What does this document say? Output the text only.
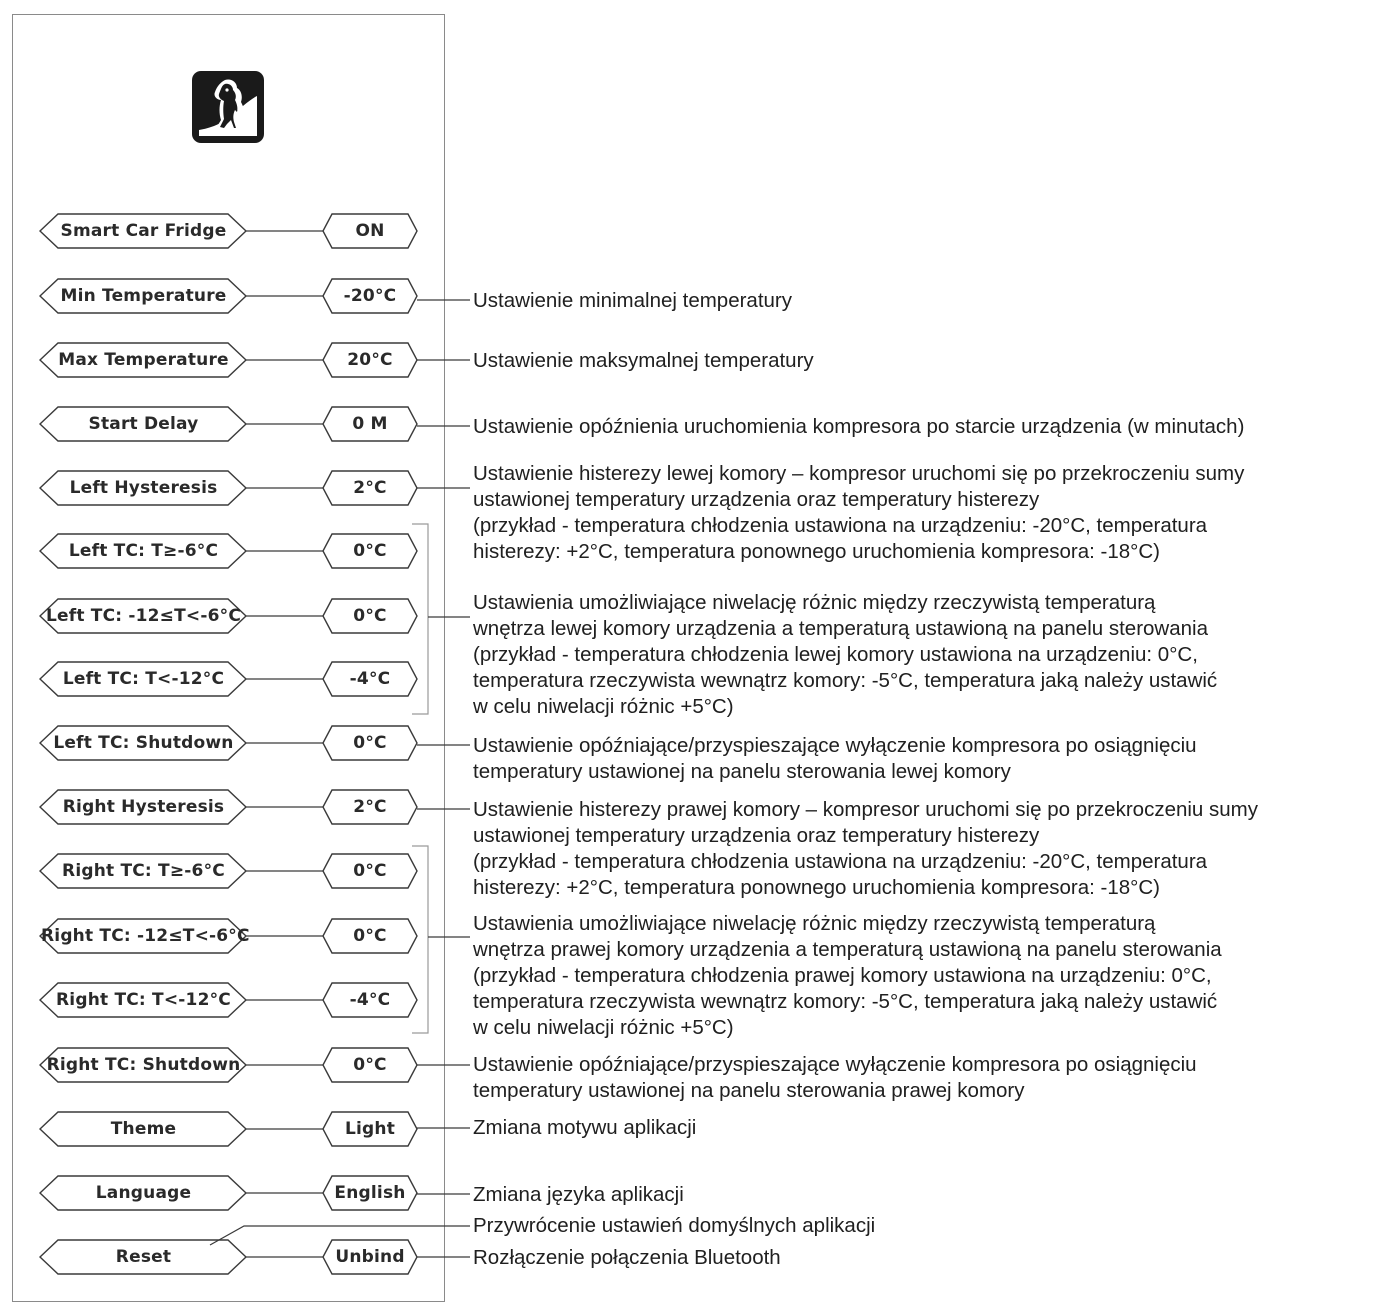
Smart Car Fridge	ON
Min Temperature	-20°C
Max Temperature	20°C
Start Delay	0 M
Left Hysteresis	2°C
Left TC: T≥-6°C	0°C
Left TC: -12≤T<-6°C	0°C
Left TC: T<-12°C	-4°C
Left TC: Shutdown	0°C
Right Hysteresis	2°C
Right TC: T≥-6°C	0°C
Right TC: -12≤T<-6°C	0°C
Right TC: T<-12°C	-4°C
Right TC: Shutdown	0°C
Theme	Light
Language	English
Reset	Unbind
Ustawienie minimalnej temperatury
Ustawienie maksymalnej temperatury
Ustawienie opóźnienia uruchomienia kompresora po starcie urządzenia (w minutach)
Ustawienie histerezy lewej komory – kompresor uruchomi się po przekroczeniu sumy
ustawionej temperatury urządzenia oraz temperatury histerezy
(przykład - temperatura chłodzenia ustawiona na urządzeniu: -20°C, temperatura
histerezy: +2°C, temperatura ponownego uruchomienia kompresora: -18°C)
Ustawienia umożliwiające niwelację różnic między rzeczywistą temperaturą
wnętrza lewej komory urządzenia a temperaturą ustawioną na panelu sterowania
(przykład - temperatura chłodzenia lewej komory ustawiona na urządzeniu: 0°C,
temperatura rzeczywista wewnątrz komory: -5°C, temperatura jaką należy ustawić
w celu niwelacji różnic +5°C)
Ustawienie opóźniające/przyspieszające wyłączenie kompresora po osiągnięciu
temperatury ustawionej na panelu sterowania lewej komory
Ustawienie histerezy prawej komory – kompresor uruchomi się po przekroczeniu sumy
ustawionej temperatury urządzenia oraz temperatury histerezy
(przykład - temperatura chłodzenia ustawiona na urządzeniu: -20°C, temperatura
histerezy: +2°C, temperatura ponownego uruchomienia kompresora: -18°C)
Ustawienia umożliwiające niwelację różnic między rzeczywistą temperaturą
wnętrza prawej komory urządzenia a temperaturą ustawioną na panelu sterowania
(przykład - temperatura chłodzenia prawej komory ustawiona na urządzeniu: 0°C,
temperatura rzeczywista wewnątrz komory: -5°C, temperatura jaką należy ustawić
w celu niwelacji różnic +5°C)
Ustawienie opóźniające/przyspieszające wyłączenie kompresora po osiągnięciu
temperatury ustawionej na panelu sterowania prawej komory
Zmiana motywu aplikacji
Zmiana języka aplikacji
Przywrócenie ustawień domyślnych aplikacji
Rozłączenie połączenia Bluetooth
